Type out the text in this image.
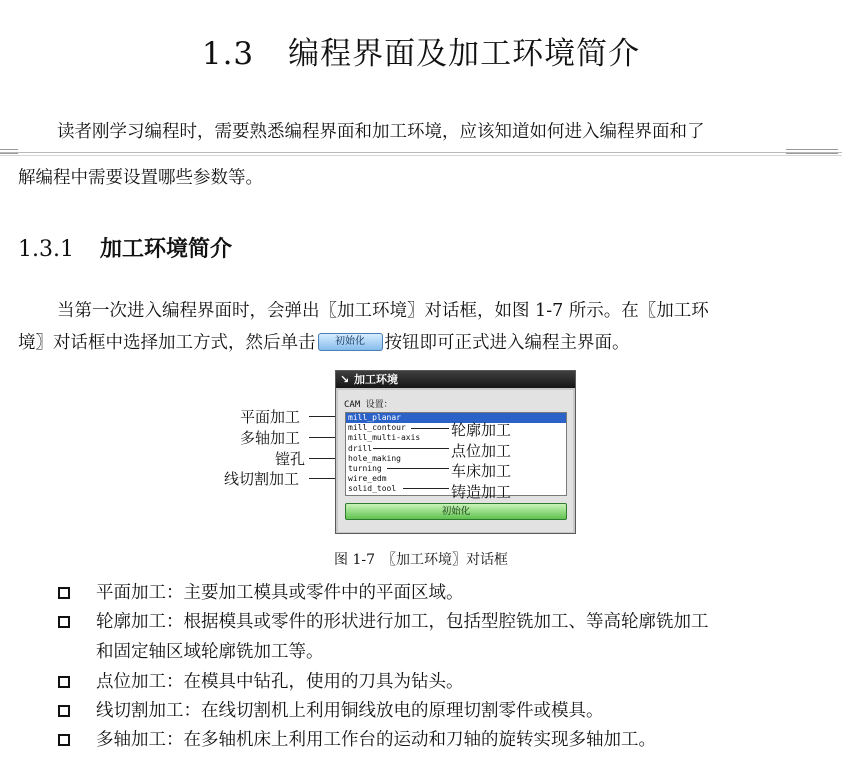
1.3 编程界面及加工环境简介
读者刚学习编程时，需要熟悉编程界面和加工环境，应该知道如何进入编程界面和了
解编程中需要设置哪些参数等。
1.3.1 加工环境简介
当第一次进入编程界面时，会弹出〖加工环境〗对话框，如图 1-7 所示。在〖加工环
境〗对话框中选择加工方式，然后单击 初始化 按钮即可正式进入编程主界面。
平面加工
多轴加工
镗孔
线切割加工
↘ 加工环境
CAM 设置：
mill_planar
mill_contour
mill_multi-axis
drill
hole_making
turning
wire_edm
solid_tool
初始化
轮廓加工
点位加工
车床加工
铸造加工
图 1-7　〖加工环境〗对话框
平面加工：主要加工模具或零件中的平面区域。
轮廓加工：根据模具或零件的形状进行加工，包括型腔铣加工、等高轮廓铣加工
和固定轴区域轮廓铣加工等。
点位加工：在模具中钻孔，使用的刀具为钻头。
线切割加工：在线切割机上利用铜线放电的原理切割零件或模具。
多轴加工：在多轴机床上利用工作台的运动和刀轴的旋转实现多轴加工。
